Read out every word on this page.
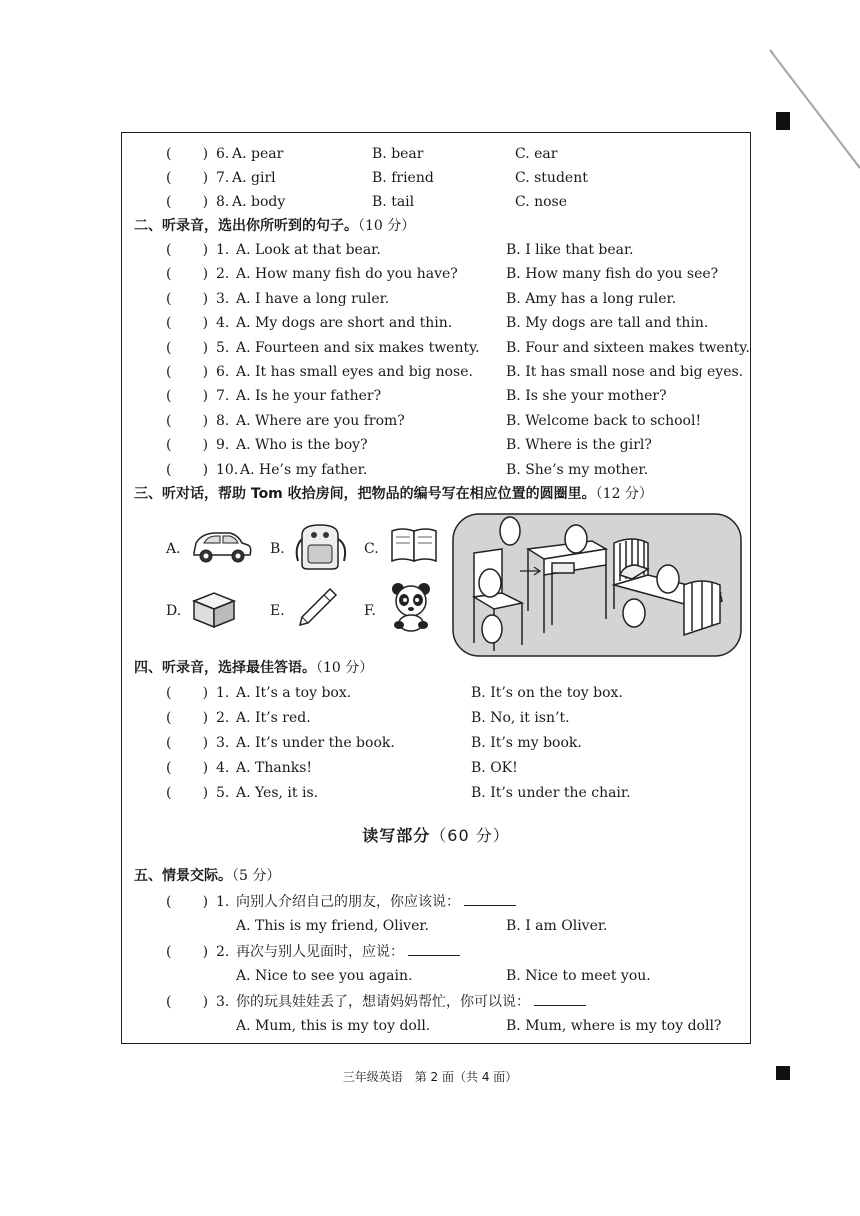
(       ) 6. A. pear	B. bear	C. ear
(       ) 7. A. girl	B. friend	C. student
(       ) 8. A. body	B. tail	C. nose
二、听录音，选出你所听到的句子。（10 分）
(       ) 1. A. Look at that bear.	B. I like that bear.
(       ) 2. A. How many fish do you have?	B. How many fish do you see?
(       ) 3. A. I have a long ruler.	B. Amy has a long ruler.
(       ) 4. A. My dogs are short and thin.	B. My dogs are tall and thin.
(       ) 5. A. Fourteen and six makes twenty. B. Four and sixteen makes twenty.
(       ) 6. A. It has small eyes and big nose. B. It has small nose and big eyes.
(       ) 7. A. Is he your father?	B. Is she your mother?
(       ) 8. A. Where are you from?	B. Welcome back to school!
(       ) 9. A. Who is the boy?	B. Where is the girl?
(       ) 10. A. He’s my father.	B. She’s my mother.
三、听对话，帮助 Tom 收拾房间，把物品的编号写在相应位置的圆圈里。（12 分）
A.	B.	C.
D.	E.	F.
四、听录音，选择最佳答语。（10 分）
(       ) 1. A. It’s a toy box.	B. It’s on the toy box.
(       ) 2. A. It’s red.	B. No, it isn’t.
(       ) 3. A. It’s under the book.	B. It’s my book.
(       ) 4. A. Thanks!	B. OK!
(       ) 5. A. Yes, it is.	B. It’s under the chair.
读写部分（60 分）
五、情景交际。（5 分）
(       ) 1. 向别人介绍自己的朋友，你应该说：
A. This is my friend, Oliver.	B. I am Oliver.
(       ) 2. 再次与别人见面时，应说：
A. Nice to see you again.	B. Nice to meet you.
(       ) 3. 你的玩具娃娃丢了，想请妈妈帮忙，你可以说：
A. Mum, this is my toy doll.	B. Mum, where is my toy doll?
三年级英语　第 2 面（共 4 面）
